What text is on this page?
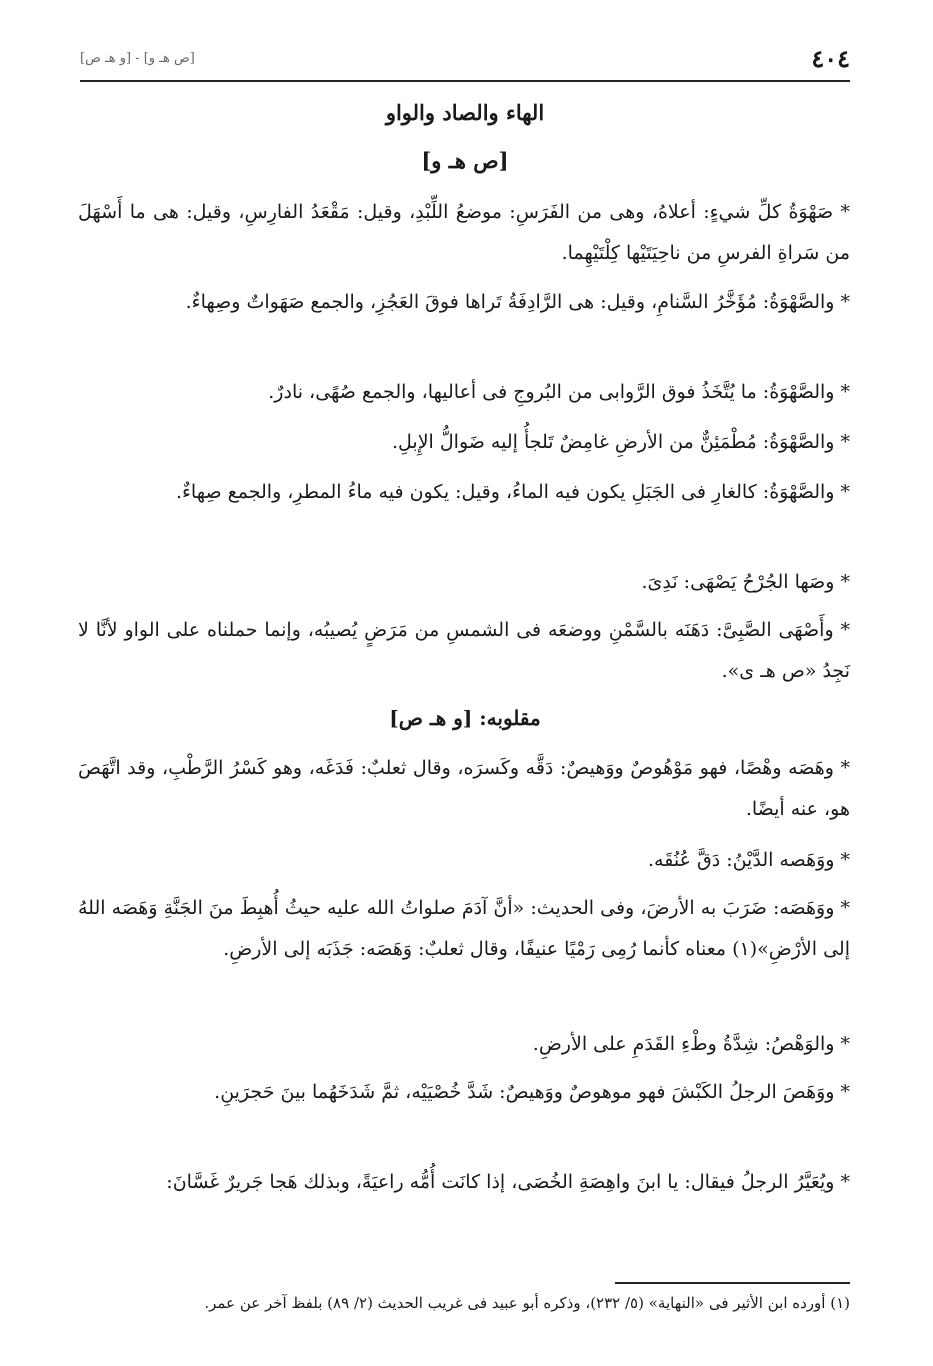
٤٠٤
[ص هـ و] - [و هـ ص]
الهاء والصاد والواو
[ص هـ و]
* صَهْوَةُ كلِّ شيءٍ: أعلاهُ، وهى من الفَرَسِ: موضعُ اللِّبْدِ، وقيل: مَقْعَدُ الفارِسِ، وقيل: هى ما أَسْهَلَ من سَراةِ الفرسِ من ناحِيَتَيْها كِلْتَيْهِما.
* والصَّهْوَةُ: مُؤَخَّرُ السَّنامِ، وقيل: هى الرَّادِفَةُ تَراها فوقَ العَجُزِ، والجمع صَهَواتٌ وصِهاءٌ.
* والصَّهْوَةُ: ما يُتَّخَذُ فوق الرَّوابى من البُروجِ فى أعاليها، والجمع صُهًى، نادرٌ.
* والصَّهْوَةُ: مُطْمَئِنٌّ من الأرضِ غامِضٌ تَلجأُ إليه ضَوالُّ الإِبلِ.
* والصَّهْوَةُ: كالغارِ فى الجَبَلِ يكون فيه الماءُ، وقيل: يكون فيه ماءُ المطرِ، والجمع صِهاءٌ.
* وصَها الجُرْحُ يَصْهَى: نَدِىَ.
* وأَصْهَى الصَّبِىَّ: دَهَنَه بالسَّمْنِ ووضعَه فى الشمسِ من مَرَضٍ يُصيبُه، وإنما حملناه على الواو لأنَّا لا نَجِدُ «ص هـ ى».
مقلوبه: [و هـ ص]
* وهَصَه وهْصًا، فهو مَوْهُوصٌ ووَهيصٌ: دَقَّه وكَسرَه، وقال ثعلبٌ: فَدَغَه، وهو كَسْرُ الرَّطْبِ، وقد اتَّهَصَ هو، عنه أيضًا.
* ووَهَصه الدَّيْنُ: دَقَّ عُنُقَه.
* ووَهَصَه: ضَرَبَ به الأرضَ، وفى الحديث: «أنَّ آدَمَ صلواتُ الله عليه حيثُ أُهبِطَ منَ الجَنَّةِ وَهَصَه اللهُ إلى الأرْضِ»(١) معناه كأنما رُمِى رَمْيًا عنيفًا، وقال ثعلبٌ: وَهَصَه: جَذَبَه إلى الأرضِ.
* والوَهْصُ: شِدَّةُ وطْءِ القَدَمِ على الأرضِ.
* ووَهَصَ الرجلُ الكَبْشَ فهو موهوصٌ ووَهيصٌ: شَدَّ خُصْيَيْه، ثمَّ شَدَخَهُما بينَ حَجرَينِ.
* ويُعَيَّرُ الرجلُ فيقال: يا ابنَ واهِصَةِ الخُصَى، إذا كانَت أُمُّه راعيَةً، وبذلك هَجا جَريرٌ غَسَّانَ:
(١) أورده ابن الأثير فى «النهاية» (٥/ ٢٣٢)، وذكره أبو عبيد فى غريب الحديث (٢/ ٨٩) بلفظ آخر عن عمر.
